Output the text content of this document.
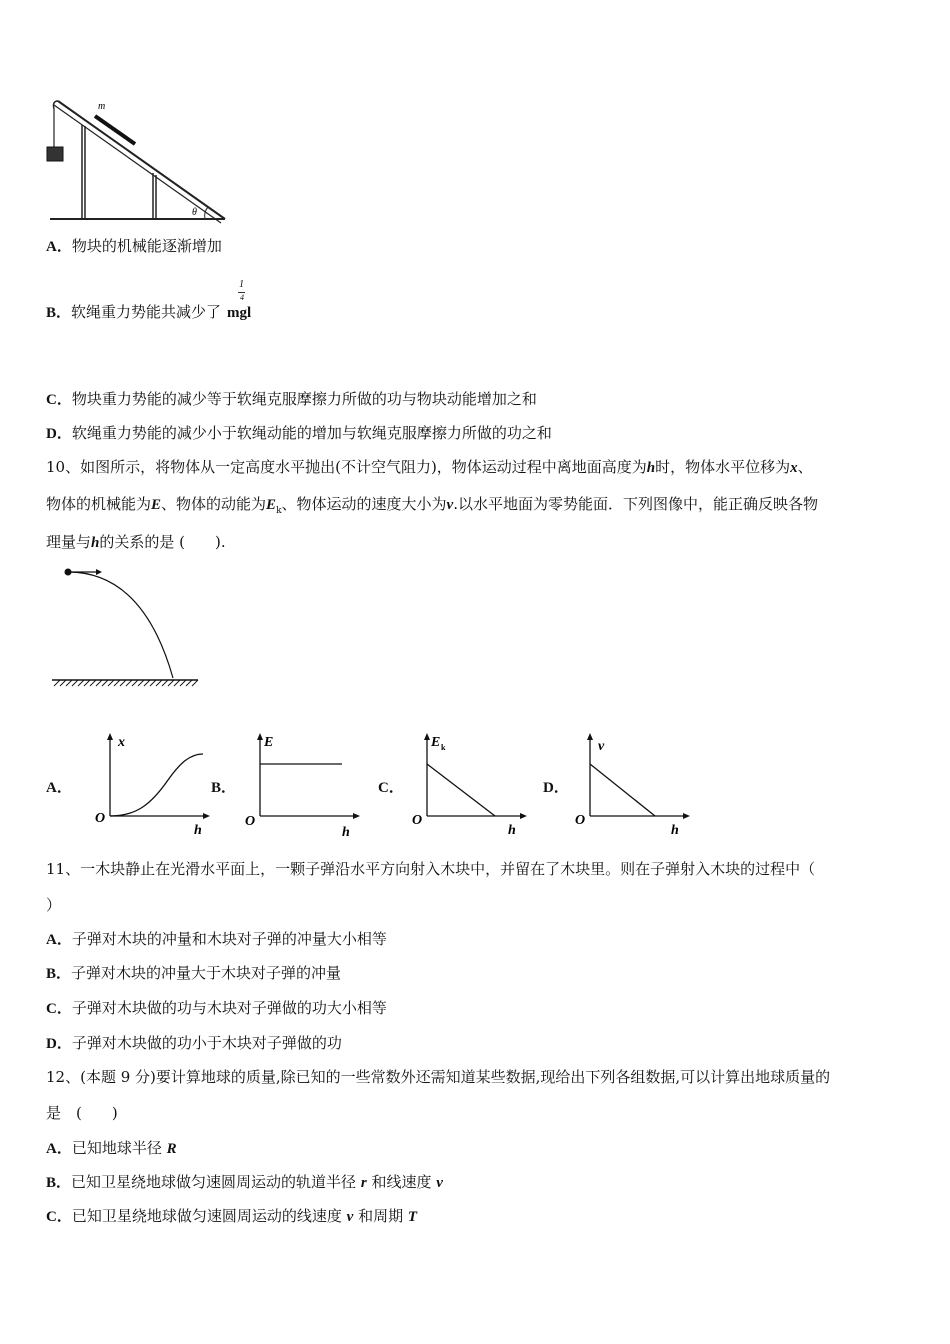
m
θ
A．物块的机械能逐渐增加
B．软绳重力势能共减少了 mgl
1
4
C．物块重力势能的减少等于软绳克服摩擦力所做的功与物块动能增加之和
D．软绳重力势能的减少小于软绳动能的增加与软绳克服摩擦力所做的功之和
10、如图所示，将物体从一定高度水平抛出(不计空气阻力)，物体运动过程中离地面高度为h时，物体水平位移为x、
物体的机械能为E、物体的动能为$E_k$、物体运动的速度大小为v.以水平地面为零势能面．下列图像中，能正确反映各物
理量与h的关系的是 (　　).
A．	B．	C．	D．
x
O
h
E
O
h
E k
O
h
v
O
h
11、一木块静止在光滑水平面上，一颗子弹沿水平方向射入木块中，并留在了木块里。则在子弹射入木块的过程中（
）
A．子弹对木块的冲量和木块对子弹的冲量大小相等
B．子弹对木块的冲量大于木块对子弹的冲量
C．子弹对木块做的功与木块对子弹做的功大小相等
D．子弹对木块做的功小于木块对子弹做的功
12、(本题 9 分)要计算地球的质量,除已知的一些常数外还需知道某些数据,现给出下列各组数据,可以计算出地球质量的
是　(　　)
A．已知地球半径 R
B．已知卫星绕地球做匀速圆周运动的轨道半径 r 和线速度 v
C．已知卫星绕地球做匀速圆周运动的线速度 v 和周期 T
